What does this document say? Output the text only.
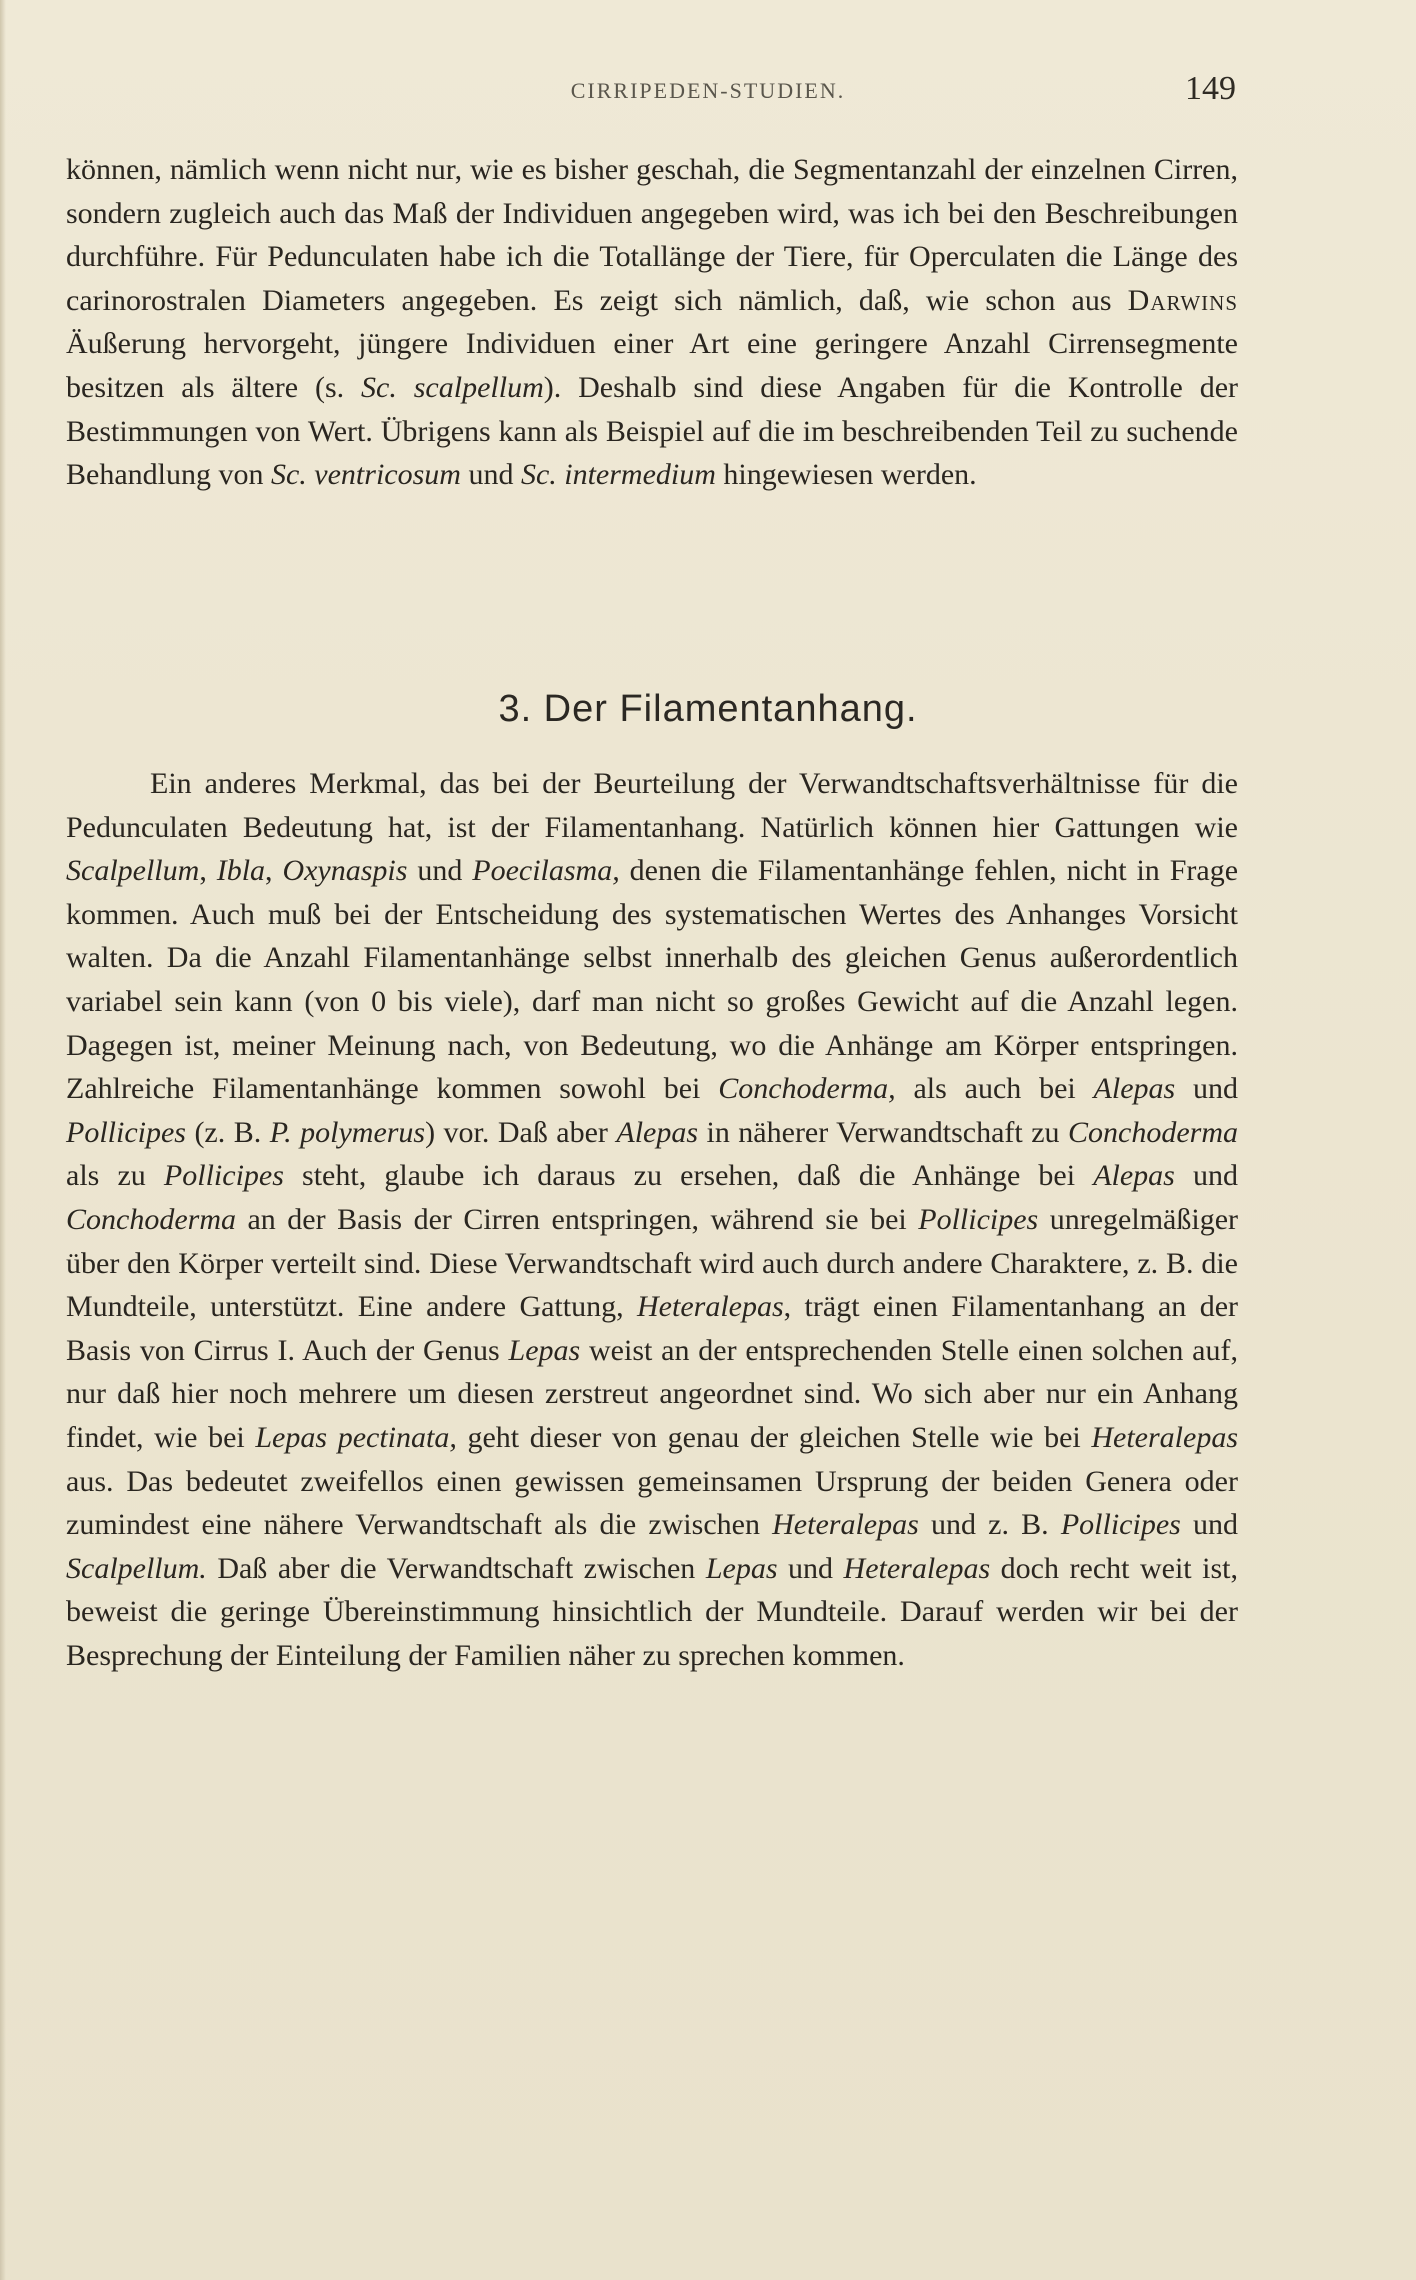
CIRRIPEDEN-STUDIEN.	149

können, nämlich wenn nicht nur, wie es bisher geschah, die Segmentanzahl der einzelnen Cirren, sondern zugleich auch das Maß der Individuen angegeben wird, was ich bei den Beschreibungen durchführe. Für Pedunculaten habe ich die Totallänge der Tiere, für Operculaten die Länge des carinorostralen Diameters angegeben. Es zeigt sich nämlich, daß, wie schon aus Darwins Äußerung hervorgeht, jüngere Individuen einer Art eine geringere Anzahl Cirrensegmente besitzen als ältere (s. Sc. scalpellum). Deshalb sind diese Angaben für die Kontrolle der Bestimmungen von Wert. Übrigens kann als Beispiel auf die im beschreibenden Teil zu suchende Behandlung von Sc. ventricosum und Sc. intermedium hingewiesen werden.

3. Der Filamentanhang.

Ein anderes Merkmal, das bei der Beurteilung der Verwandtschaftsverhältnisse für die Pedunculaten Bedeutung hat, ist der Filamentanhang. Natürlich können hier Gattungen wie Scalpellum, Ibla, Oxynaspis und Poecilasma, denen die Filamentanhänge fehlen, nicht in Frage kommen. Auch muß bei der Entscheidung des systematischen Wertes des Anhanges Vorsicht walten. Da die Anzahl Filamentanhänge selbst innerhalb des gleichen Genus außerordentlich variabel sein kann (von 0 bis viele), darf man nicht so großes Gewicht auf die Anzahl legen. Dagegen ist, meiner Meinung nach, von Bedeutung, wo die Anhänge am Körper entspringen. Zahlreiche Filamentanhänge kommen sowohl bei Conchoderma, als auch bei Alepas und Pollicipes (z. B. P. polymerus) vor. Daß aber Alepas in näherer Verwandtschaft zu Conchoderma als zu Pollicipes steht, glaube ich daraus zu ersehen, daß die Anhänge bei Alepas und Conchoderma an der Basis der Cirren entspringen, während sie bei Pollicipes unregelmäßiger über den Körper verteilt sind. Diese Verwandtschaft wird auch durch andere Charaktere, z. B. die Mundteile, unterstützt. Eine andere Gattung, Heteralepas, trägt einen Filamentanhang an der Basis von Cirrus I. Auch der Genus Lepas weist an der entsprechenden Stelle einen solchen auf, nur daß hier noch mehrere um diesen zerstreut angeordnet sind. Wo sich aber nur ein Anhang findet, wie bei Lepas pectinata, geht dieser von genau der gleichen Stelle wie bei Heteralepas aus. Das bedeutet zweifellos einen gewissen gemeinsamen Ursprung der beiden Genera oder zumindest eine nähere Verwandtschaft als die zwischen Heteralepas und z. B. Pollicipes und Scalpellum. Daß aber die Verwandtschaft zwischen Lepas und Heteralepas doch recht weit ist, beweist die geringe Übereinstimmung hinsichtlich der Mundteile. Darauf werden wir bei der Besprechung der Einteilung der Familien näher zu sprechen kommen.
